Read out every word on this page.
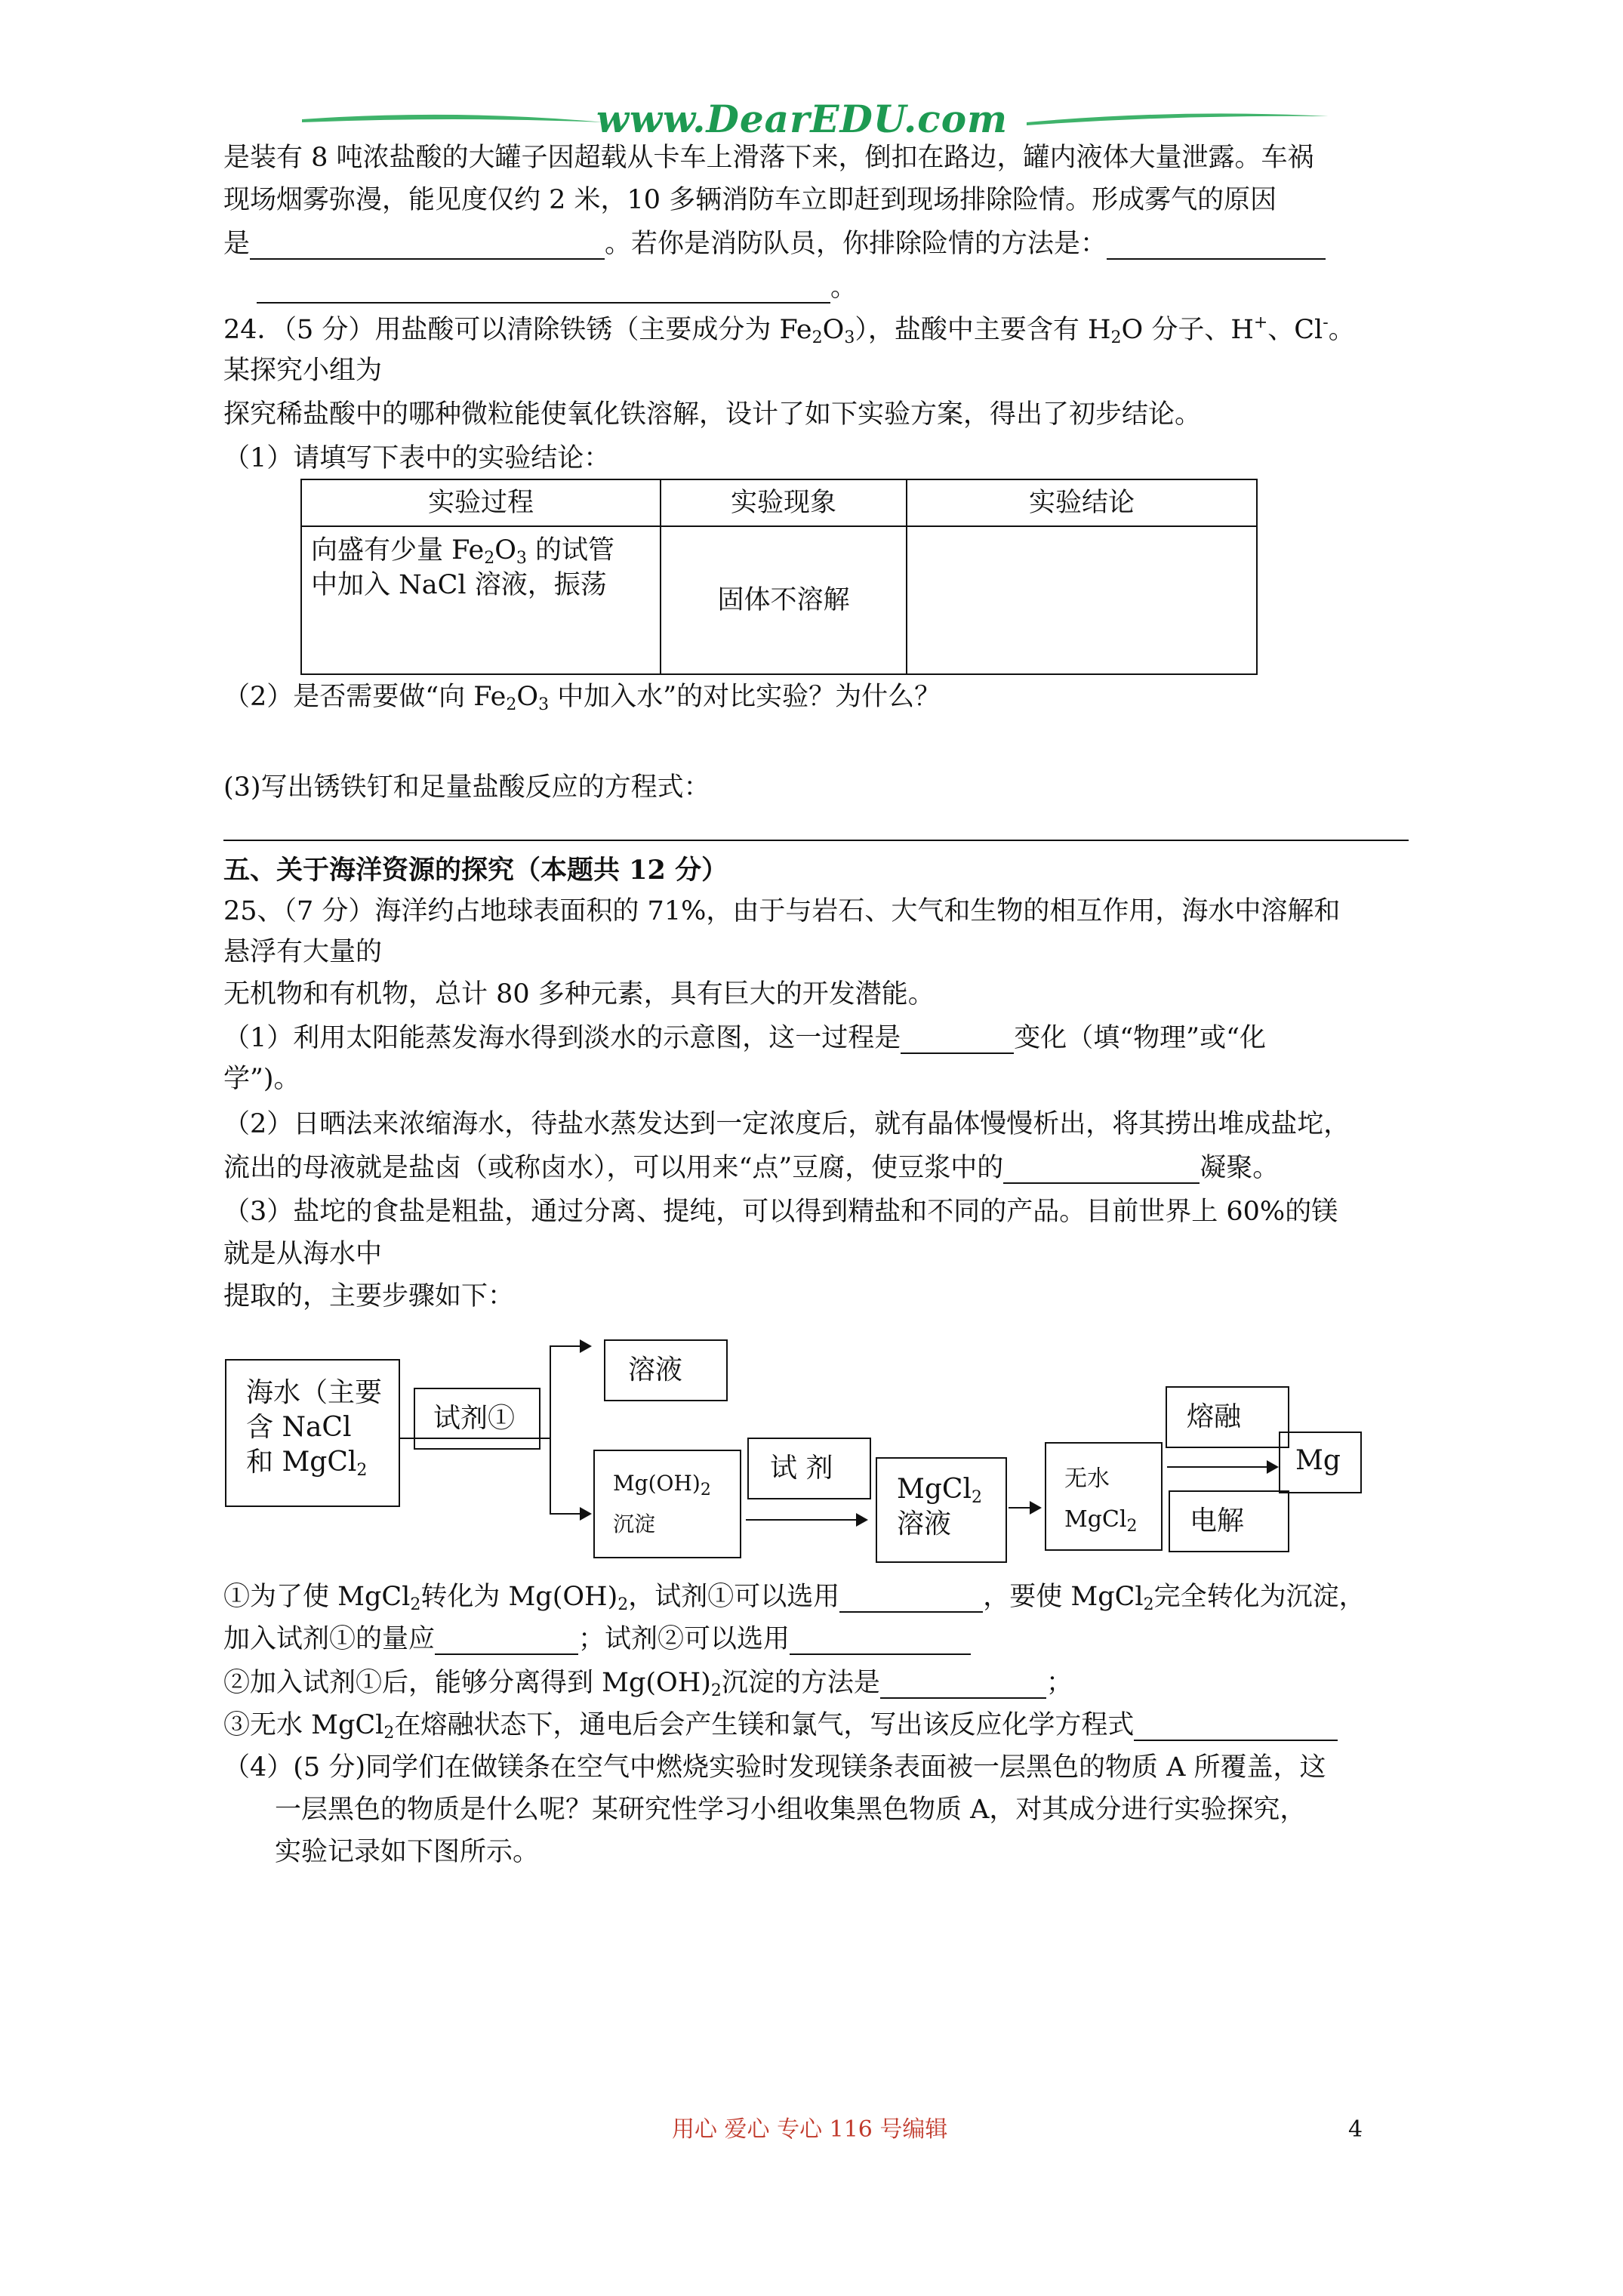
www.DearEDU.com
是装有 8 吨浓盐酸的大罐子因超载从卡车上滑落下来，倒扣在路边，罐内液体大量泄露。车祸
现场烟雾弥漫，能见度仅约 2 米，10 多辆消防车立即赶到现场排除险情。形成雾气的原因
是	。若你是消防队员，你排除险情的方法是：
。
24．（5 分）用盐酸可以清除铁锈（主要成分为 $Fe_2O_3$），盐酸中主要含有 $H_2O$ 分子、H+、Cl-。
某探究小组为
探究稀盐酸中的哪种微粒能使氧化铁溶解，设计了如下实验方案，得出了初步结论。
（1）请填写下表中的实验结论：
实验过程	实验现象	实验结论
向盛有少量 $Fe_2O_3$ 的试管
中加入 NaCl 溶液，振荡	固体不溶解	
（2）是否需要做“向 $Fe_2O_3$ 中加入水”的对比实验？为什么？
(3)写出锈铁钉和足量盐酸反应的方程式：
五、关于海洋资源的探究（本题共 12 分）
25、（7 分）海洋约占地球表面积的 71%，由于与岩石、大气和生物的相互作用，海水中溶解和
悬浮有大量的
无机物和有机物，总计 80 多种元素，具有巨大的开发潜能。
（1）利用太阳能蒸发海水得到淡水的示意图，这一过程是	变化（填“物理”或“化
学”)。
（2）日晒法来浓缩海水，待盐水蒸发达到一定浓度后，就有晶体慢慢析出，将其捞出堆成盐坨，
流出的母液就是盐卤（或称卤水），可以用来“点”豆腐，使豆浆中的	凝聚。
（3）盐坨的食盐是粗盐，通过分离、提纯，可以得到精盐和不同的产品。目前世界上 60%的镁
就是从海水中
提取的，主要步骤如下：
海水（主要
含 NaCl
和 MgCl$_2$
试剂①
溶液
$Mg(OH)_2$
沉淀
试 剂
MgCl$_2$
溶液
无水
MgCl$_2$
熔融
电解
Mg
①为了使 MgCl$_2$转化为 $Mg(OH)_2$，试剂①可以选用	，要使 MgCl$_2$完全转化为沉淀，
加入试剂①的量应	；试剂②可以选用
②加入试剂①后，能够分离得到 $Mg(OH)_2$沉淀的方法是	；
③无水 MgCl$_2$在熔融状态下，通电后会产生镁和氯气，写出该反应化学方程式
（4）(5 分)同学们在做镁条在空气中燃烧实验时发现镁条表面被一层黑色的物质 A 所覆盖，这
一层黑色的物质是什么呢？某研究性学习小组收集黑色物质 A，对其成分进行实验探究，
实验记录如下图所示。
用心 爱心 专心 116 号编辑	4
